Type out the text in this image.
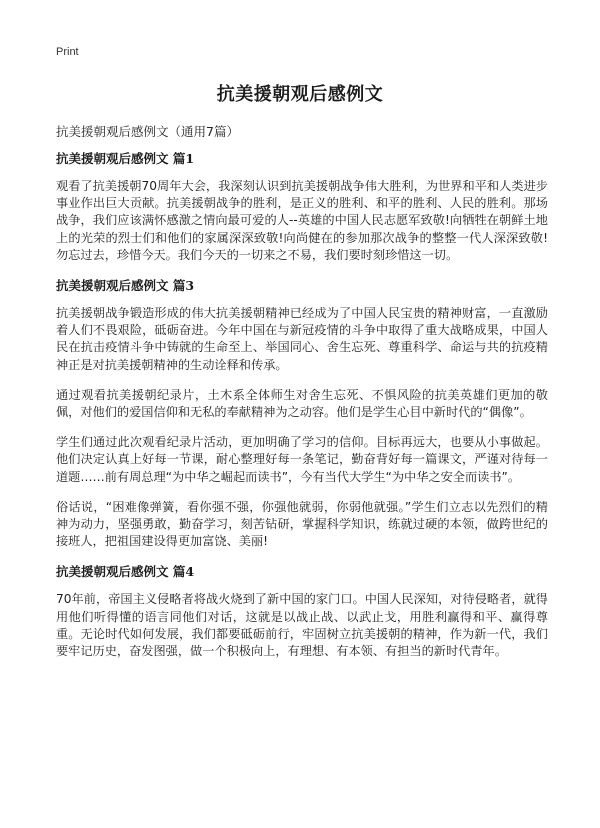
Print
抗美援朝观后感例文
抗美援朝观后感例文（通用7篇）
抗美援朝观后感例文 篇1

观看了抗美援朝70周年大会，我深刻认识到抗美援朝战争伟大胜利，为世界和平和人类进步事业作出巨大贡献。抗美援朝战争的胜利，是正义的胜利、和平的胜利、人民的胜利。那场战争，我们应该满怀感激之情向最可爱的人--英雄的中国人民志愿军致敬!向牺牲在朝鲜土地上的光荣的烈士们和他们的家属深深致敬!向尚健在的参加那次战争的整整一代人深深致敬!勿忘过去，珍惜今天。我们今天的一切来之不易，我们要时刻珍惜这一切。

抗美援朝观后感例文 篇3

抗美援朝战争锻造形成的伟大抗美援朝精神已经成为了中国人民宝贵的精神财富，一直激励着人们不畏艰险，砥砺奋进。今年中国在与新冠疫情的斗争中取得了重大战略成果，中国人民在抗击疫情斗争中铸就的生命至上、举国同心、舍生忘死、尊重科学、命运与共的抗疫精神正是对抗美援朝精神的生动诠释和传承。

通过观看抗美援朝纪录片，土木系全体师生对舍生忘死、不惧风险的抗美英雄们更加的敬佩，对他们的爱国信仰和无私的奉献精神为之动容。他们是学生心目中新时代的“偶像”。

学生们通过此次观看纪录片活动，更加明确了学习的信仰。目标再远大，也要从小事做起。他们决定认真上好每一节课，耐心整理好每一条笔记，勤奋背好每一篇课文，严谨对待每一道题……前有周总理“为中华之崛起而读书”，今有当代大学生“为中华之安全而读书”。

俗话说，“困难像弹簧，看你强不强，你强他就弱，你弱他就强。”学生们立志以先烈们的精神为动力，坚强勇敢，勤奋学习，刻苦钻研，掌握科学知识，练就过硬的本领，做跨世纪的接班人，把祖国建设得更加富饶、美丽!

抗美援朝观后感例文 篇4

70年前，帝国主义侵略者将战火烧到了新中国的家门口。中国人民深知，对待侵略者，就得用他们听得懂的语言同他们对话，这就是以战止战、以武止戈，用胜利赢得和平、赢得尊重。无论时代如何发展，我们都要砥砺前行，牢固树立抗美援朝的精神，作为新一代，我们要牢记历史，奋发图强，做一个积极向上，有理想、有本领、有担当的新时代青年。
